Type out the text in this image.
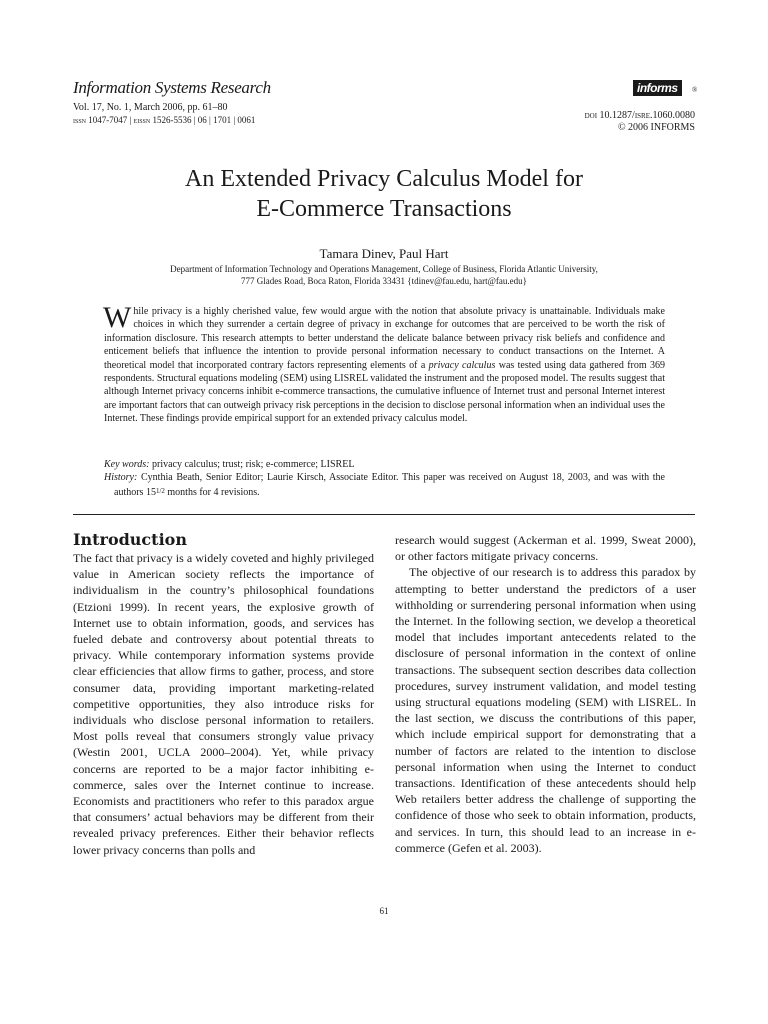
Information Systems Research
Vol. 17, No. 1, March 2006, pp. 61–80
issn 1047-7047 | eissn 1526-5536 | 06 | 1701 | 0061
informs	®
doi 10.1287/isre.1060.0080
© 2006 INFORMS
An Extended Privacy Calculus Model for
E-Commerce Transactions
Tamara Dinev, Paul Hart
Department of Information Technology and Operations Management, College of Business, Florida Atlantic University,
777 Glades Road, Boca Raton, Florida 33431 {tdinev@fau.edu, hart@fau.edu}

While privacy is a highly cherished value, few would argue with the notion that absolute privacy is unattainable. Individuals make choices in which they surrender a certain degree of privacy in exchange for outcomes that are perceived to be worth the risk of information disclosure. This research attempts to better understand the delicate balance between privacy risk beliefs and confidence and enticement beliefs that influence the intention to provide personal information necessary to conduct transactions on the Internet. A theoretical model that incorporated contrary factors representing elements of a privacy calculus was tested using data gathered from 369 respondents. Structural equations modeling (SEM) using LISREL validated the instrument and the proposed model. The results suggest that although Internet privacy concerns inhibit e-commerce transactions, the cumulative influence of Internet trust and personal Internet interest are important factors that can outweigh privacy risk perceptions in the decision to disclose personal information when an individual uses the Internet. These findings provide empirical support for an extended privacy calculus model.

Key words: privacy calculus; trust; risk; e-commerce; LISREL
History: Cynthia Beath, Senior Editor; Laurie Kirsch, Associate Editor. This paper was received on August 18, 2003, and was with the authors $15^{1/2}$ months for 4 revisions.
Introduction

The fact that privacy is a widely coveted and highly privileged value in American society reflects the importance of individualism in the country’s philosophical foundations (Etzioni 1999). In recent years, the explosive growth of Internet use to obtain information, goods, and services has fueled debate and controversy about potential threats to privacy. While contemporary information systems provide clear efficiencies that allow firms to gather, process, and store consumer data, providing important marketing-related competitive opportunities, they also introduce risks for individuals who disclose personal information to retailers. Most polls reveal that consumers strongly value privacy (Westin 2001, UCLA 2000–2004). Yet, while privacy concerns are reported to be a major factor inhibiting e-commerce, sales over the Internet continue to increase. Economists and practitioners who refer to this paradox argue that consumers’ actual behaviors may be different from their revealed privacy preferences. Either their behavior reflects lower privacy concerns than polls and

research would suggest (Ackerman et al. 1999, Sweat 2000), or other factors mitigate privacy concerns.

The objective of our research is to address this paradox by attempting to better understand the predictors of a user withholding or surrendering personal information when using the Internet. In the following section, we develop a theoretical model that includes important antecedents related to the disclosure of personal information in the context of online transactions. The subsequent section describes data collection procedures, survey instrument validation, and model testing using structural equations modeling (SEM) with LISREL. In the last section, we discuss the contributions of this paper, which include empirical support for demonstrating that a number of factors are related to the intention to disclose personal information when using the Internet to conduct transactions. Identification of these antecedents should help Web retailers better address the challenge of supporting the confidence of those who seek to obtain information, products, and services. In turn, this should lead to an increase in e-commerce (Gefen et al. 2003).

61
